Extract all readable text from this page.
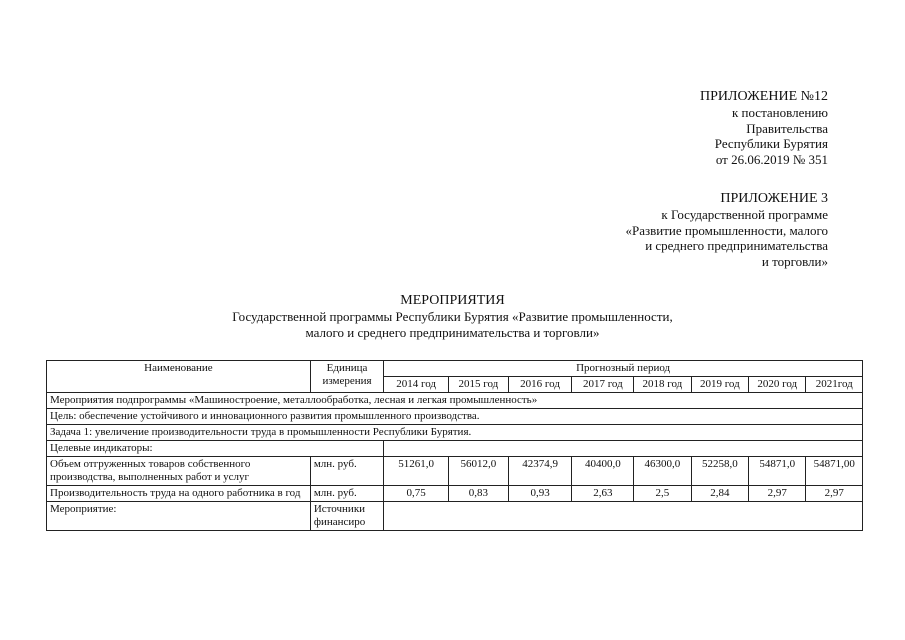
ПРИЛОЖЕНИЕ №12
к постановлению
Правительства
Республики Бурятия
от 26.06.2019 № 351
ПРИЛОЖЕНИЕ 3
к Государственной программе
«Развитие промышленности, малого
и среднего предпринимательства
и торговли»
МЕРОПРИЯТИЯ
Государственной программы Республики Бурятия «Развитие промышленности,
малого и среднего предпринимательства и торговли»
Наименование	Единица измерения	Прогнозный период							
		2014 год	2015 год	2016 год	2017 год	2018 год	2019 год	2020 год	2021год
Мероприятия подпрограммы «Машиностроение, металлообработка, лесная и легкая промышленность»									
Цель: обеспечение устойчивого и инновационного развития промышленного производства.									
Задача 1: увеличение производительности труда в промышленности Республики Бурятия.									
Целевые индикаторы:									
Объем отгруженных товаров собственного производства, выполненных работ и услуг	млн. руб.	51261,0	56012,0	42374,9	40400,0	46300,0	52258,0	54871,0	54871,00
Производительность труда на одного работника в год	млн. руб.	0,75	0,83	0,93	2,63	2,5	2,84	2,97	2,97
Мероприятие:	Источники финансиро								
